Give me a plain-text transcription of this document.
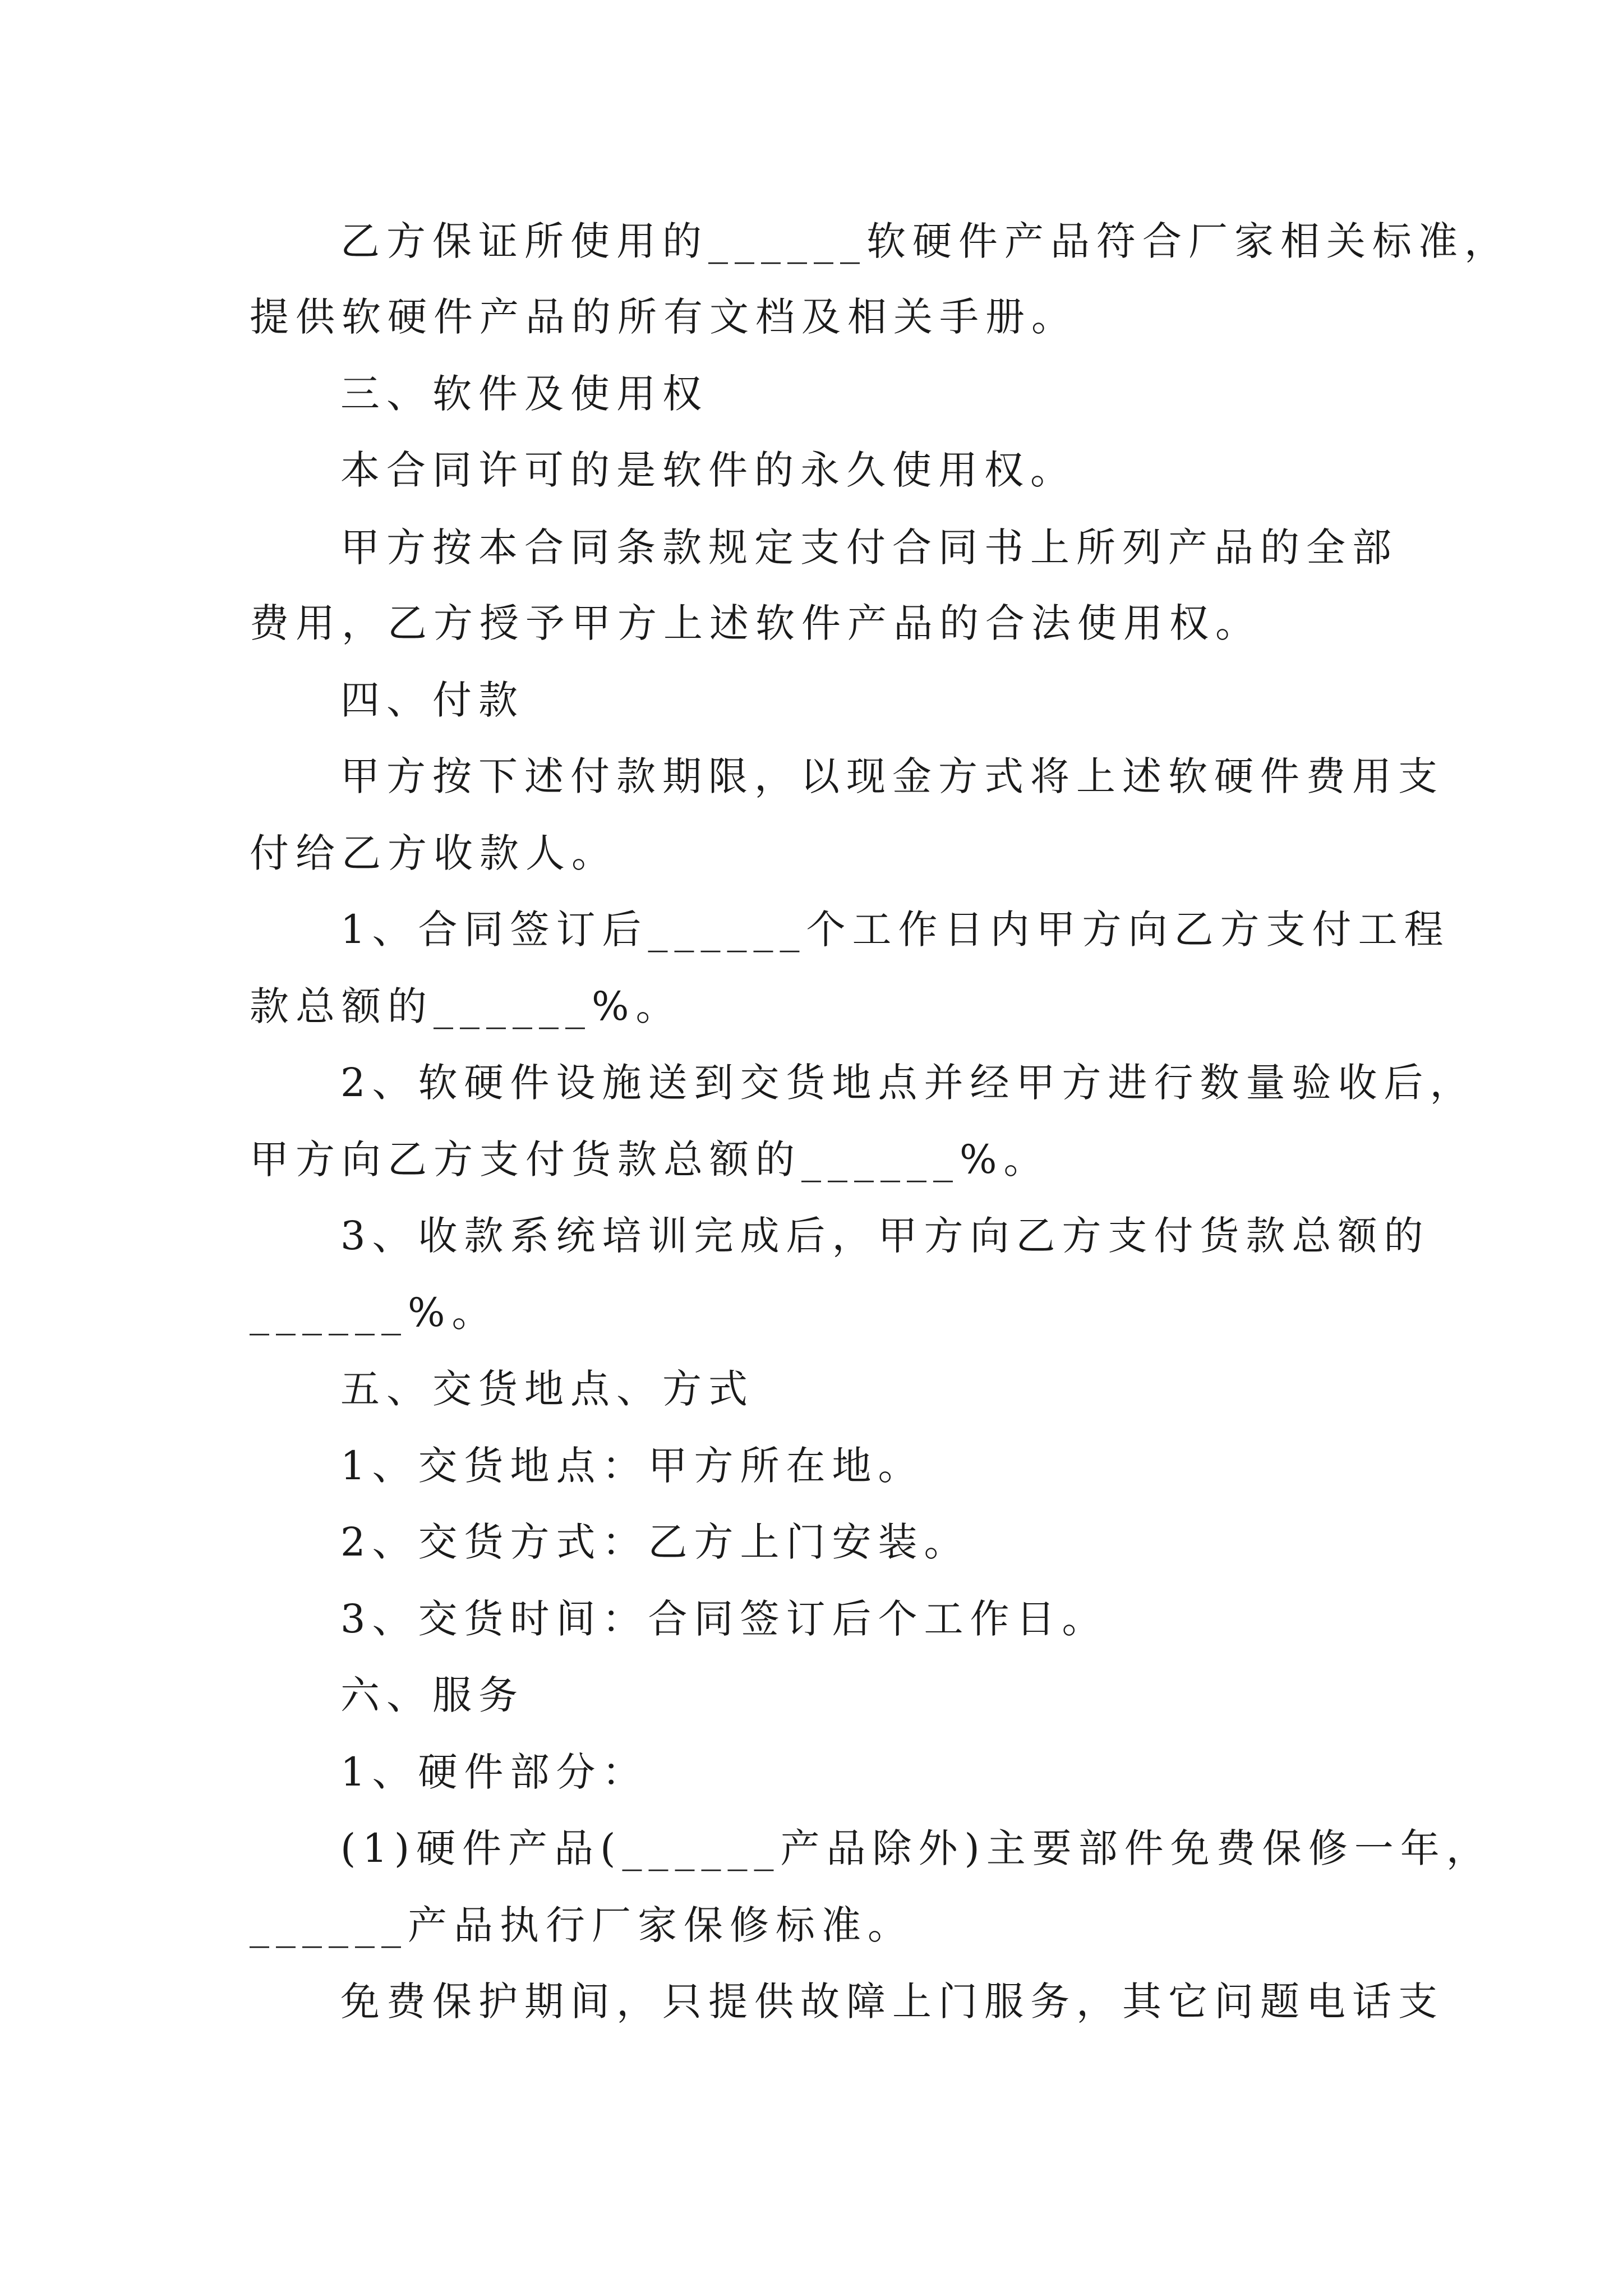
乙方保证所使用的______软硬件产品符合厂家相关标准，
提供软硬件产品的所有文档及相关手册。
三、软件及使用权
本合同许可的是软件的永久使用权。
甲方按本合同条款规定支付合同书上所列产品的全部
费用，乙方授予甲方上述软件产品的合法使用权。
四、付款
甲方按下述付款期限，以现金方式将上述软硬件费用支
付给乙方收款人。
1、合同签订后______个工作日内甲方向乙方支付工程
款总额的______%。
2、软硬件设施送到交货地点并经甲方进行数量验收后，
甲方向乙方支付货款总额的______%。
3、收款系统培训完成后，甲方向乙方支付货款总额的
______%。
五、交货地点、方式
1、交货地点：甲方所在地。
2、交货方式：乙方上门安装。
3、交货时间：合同签订后个工作日。
六、服务
1、硬件部分：
(1)硬件产品(______产品除外)主要部件免费保修一年，
______产品执行厂家保修标准。
免费保护期间，只提供故障上门服务，其它问题电话支
